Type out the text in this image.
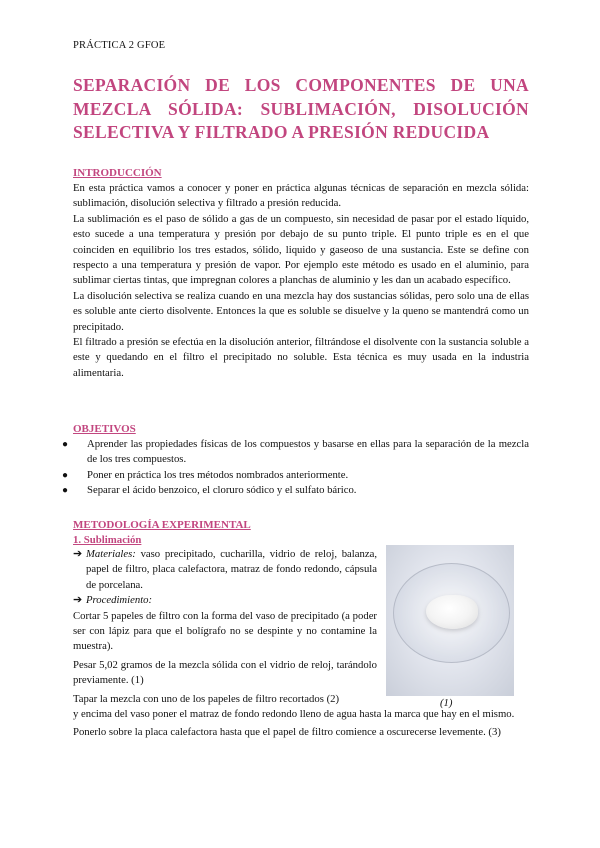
PRÁCTICA 2 GFOE
SEPARACIÓN DE LOS COMPONENTES DE UNA MEZCLA SÓLIDA: SUBLIMACIÓN, DISOLUCIÓN SELECTIVA Y FILTRADO A PRESIÓN REDUCIDA
INTRODUCCIÓN

En esta práctica vamos a conocer y poner en práctica algunas técnicas de separación en mezcla sólida: sublimación, disolución selectiva y filtrado a presión reducida.

La sublimación es el paso de sólido a gas de un compuesto, sin necesidad de pasar por el estado líquido, esto sucede a una temperatura y presión por debajo de su punto triple. El punto triple es en el que coinciden en equilibrio los tres estados, sólido, liquido y gaseoso de una sustancia. Este se define con respecto a una temperatura y presión de vapor. Por ejemplo este método es usado en el aluminio, para sublimar ciertas tintas, que impregnan colores a planchas de aluminio y les dan un acabado específico.

La disolución selectiva se realiza cuando en una mezcla hay dos sustancias sólidas, pero solo una de ellas es soluble ante cierto disolvente. Entonces la que es soluble se disuelve y la queno se mantendrá como un precipitado.

El filtrado a presión se efectúa en la disolución anterior, filtrándose el disolvente con la sustancia soluble a este y quedando en el filtro el precipitado no soluble. Esta técnica es muy usada en la industria alimentaria.

OBJETIVOS
● Aprender las propiedades físicas de los compuestos y basarse en ellas para la separación de la mezcla de los tres compuestos.
● Poner en práctica los tres métodos nombrados anteriormente.
● Separar el ácido benzoico, el cloruro sódico y el sulfato bárico.
METODOLOGÍA EXPERIMENTAL
1. Sublimación

➔ Materiales: vaso precipitado, cucharilla, vidrio de reloj, balanza, papel de filtro, placa calefactora, matraz de fondo redondo, cápsula de porcelana.

➔ Procedimiento:

Cortar 5 papeles de filtro con la forma del vaso de precipitado (a poder ser con lápiz para que el bolígrafo no se despinte y no contamine la muestra).

Pesar 5,02 gramos de la mezcla sólida con el vidrio de reloj, tarándolo previamente. (1)

Tapar la mezcla con uno de los papeles de filtro recortados (2)

y encima del vaso poner el matraz de fondo redondo lleno de agua hasta la marca que hay en el mismo.

Ponerlo sobre la placa calefactora hasta que el papel de filtro comience a oscurecerse levemente. (3)

(1)
